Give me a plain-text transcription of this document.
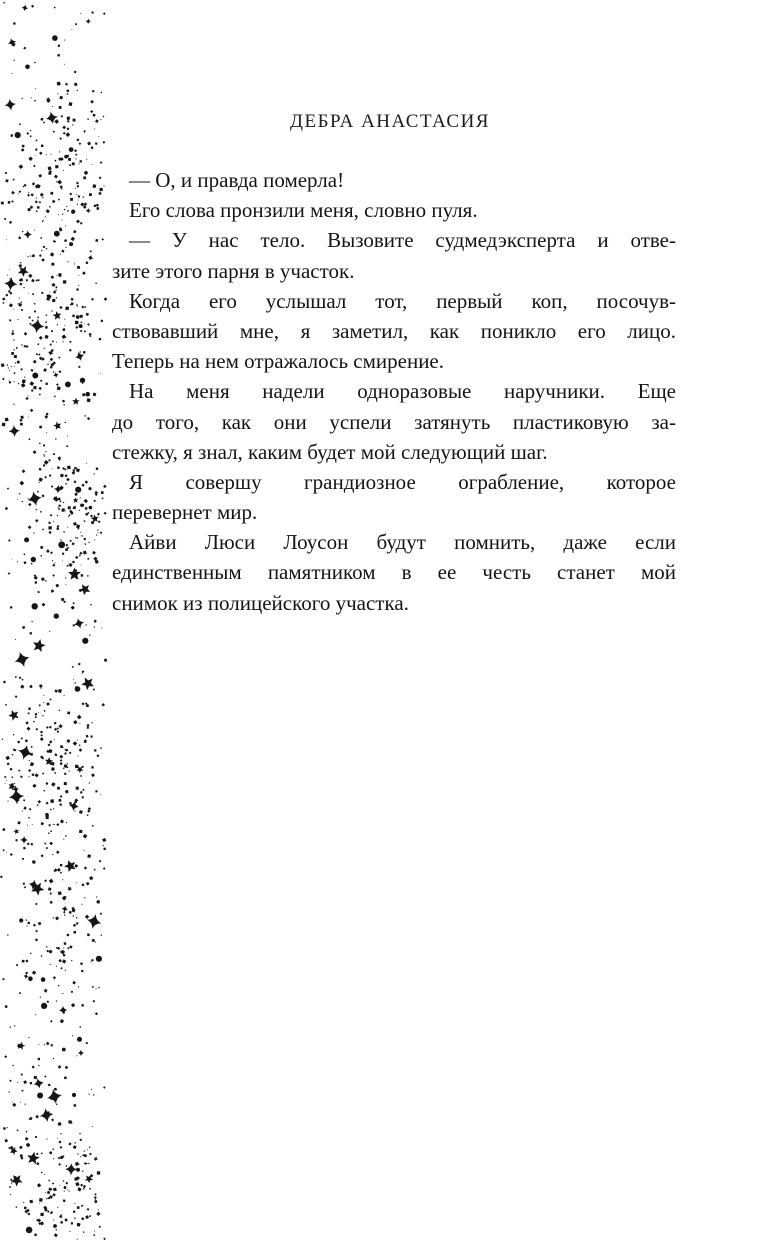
ДЕБРА АНАСТАСИЯ
— О, и правда померла!
Его слова пронзили меня, словно пуля.
— У нас тело. Вызовите судмедэксперта и отве-
зите этого парня в участок.
Когда его услышал тот, первый коп, посочув-
ствовавший мне, я заметил, как поникло его лицо.
Теперь на нем отражалось смирение.
На меня надели одноразовые наручники. Еще
до того, как они успели затянуть пластиковую за-
стежку, я знал, каким будет мой следующий шаг.
Я совершу грандиозное ограбление, которое
перевернет мир.
Айви Люси Лоусон будут помнить, даже если
единственным памятником в ее честь станет мой
снимок из полицейского участка.
